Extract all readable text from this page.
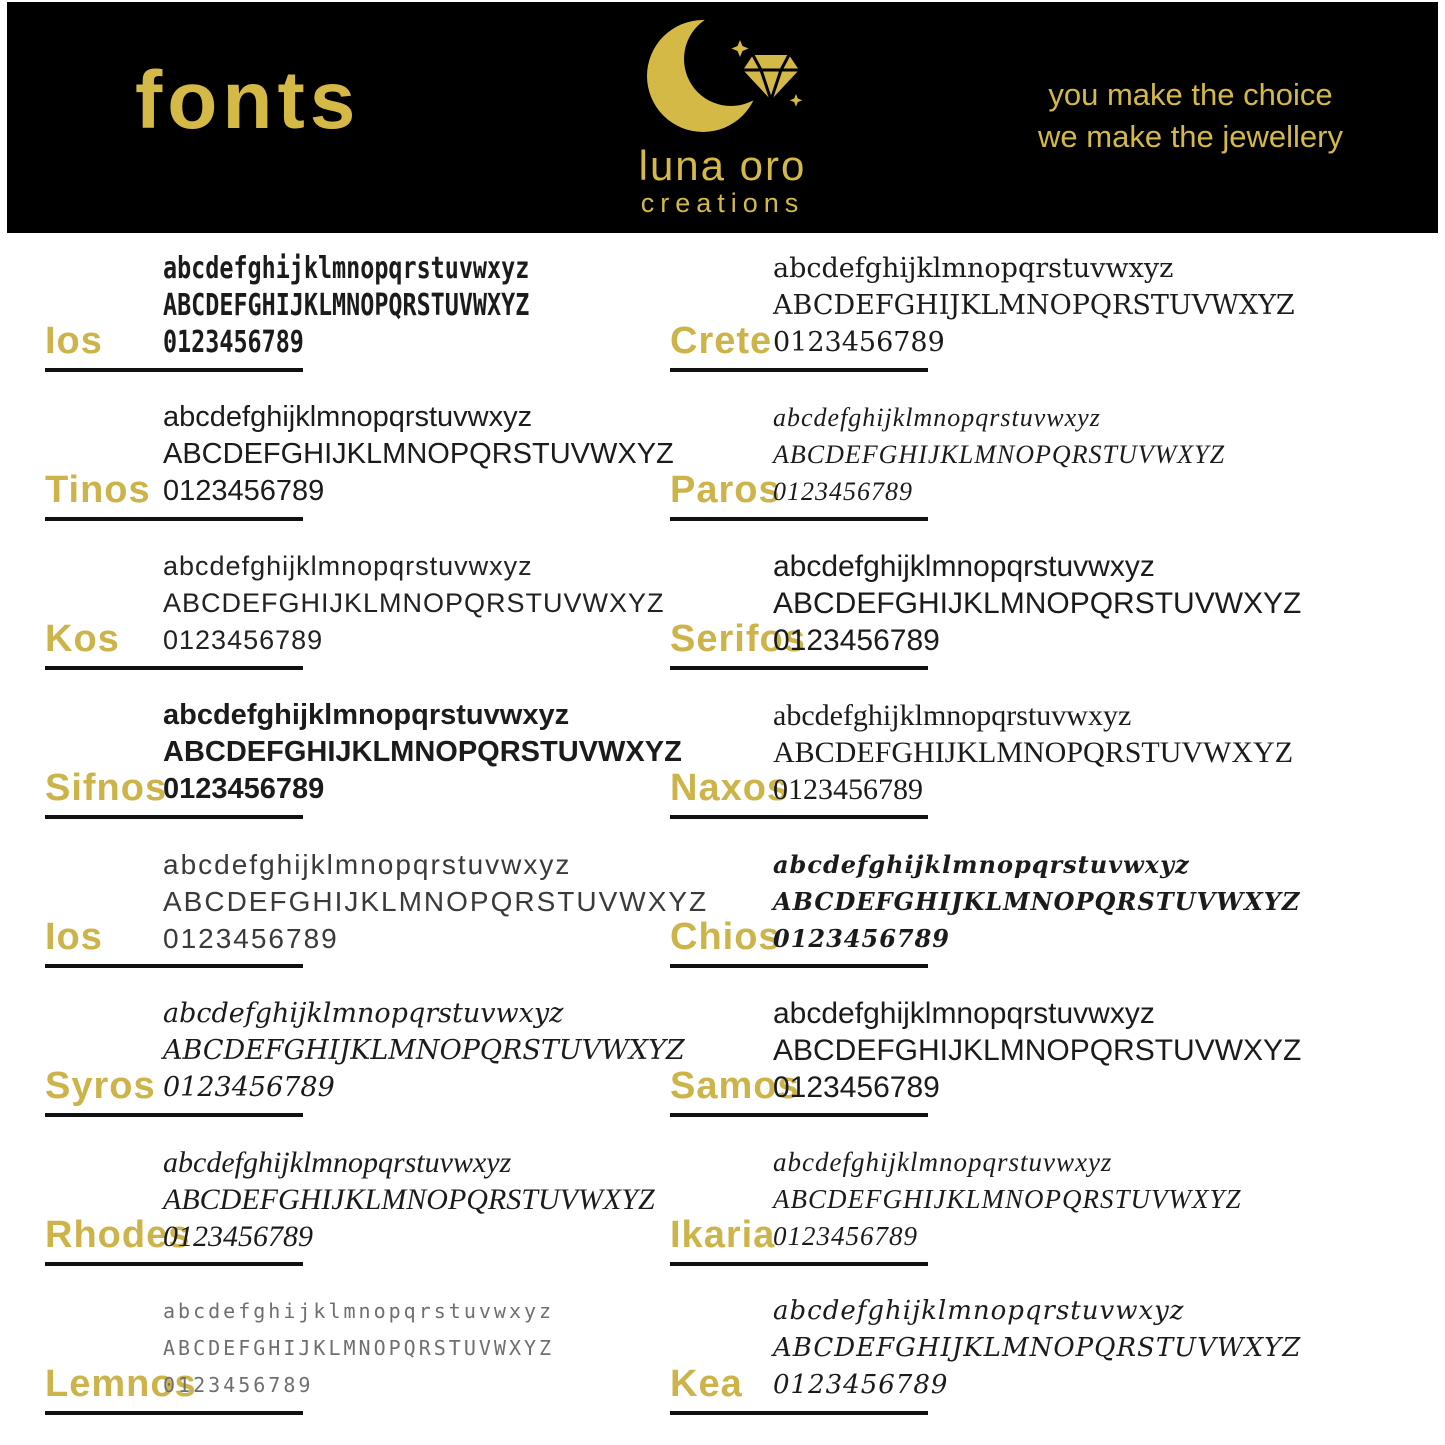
fonts
luna oro
creations
you make the choice
we make the jewellery
Ios
abcdefghijklmnopqrstuvwxyz
ABCDEFGHIJKLMNOPQRSTUVWXYZ
0123456789
Tinos
abcdefghijklmnopqrstuvwxyz
ABCDEFGHIJKLMNOPQRSTUVWXYZ
0123456789
Kos
abcdefghijklmnopqrstuvwxyz
ABCDEFGHIJKLMNOPQRSTUVWXYZ
0123456789
Sifnos
abcdefghijklmnopqrstuvwxyz
ABCDEFGHIJKLMNOPQRSTUVWXYZ
0123456789
Ios
abcdefghijklmnopqrstuvwxyz
ABCDEFGHIJKLMNOPQRSTUVWXYZ
0123456789
Syros
abcdefghijklmnopqrstuvwxyz
ABCDEFGHIJKLMNOPQRSTUVWXYZ
0123456789
Rhodes
abcdefghijklmnopqrstuvwxyz
ABCDEFGHIJKLMNOPQRSTUVWXYZ
0123456789
Lemnos
abcdefghijklmnopqrstuvwxyz
ABCDEFGHIJKLMNOPQRSTUVWXYZ
0123456789
Crete
abcdefghijklmnopqrstuvwxyz
ABCDEFGHIJKLMNOPQRSTUVWXYZ
0123456789
Paros
abcdefghijklmnopqrstuvwxyz
ABCDEFGHIJKLMNOPQRSTUVWXYZ
0123456789
Serifos
abcdefghijklmnopqrstuvwxyz
ABCDEFGHIJKLMNOPQRSTUVWXYZ
0123456789
Naxos
abcdefghijklmnopqrstuvwxyz
ABCDEFGHIJKLMNOPQRSTUVWXYZ
0123456789
Chios
abcdefghijklmnopqrstuvwxyz
ABCDEFGHIJKLMNOPQRSTUVWXYZ
0123456789
Samos
abcdefghijklmnopqrstuvwxyz
ABCDEFGHIJKLMNOPQRSTUVWXYZ
0123456789
Ikaria
abcdefghijklmnopqrstuvwxyz
ABCDEFGHIJKLMNOPQRSTUVWXYZ
0123456789
Kea
abcdefghijklmnopqrstuvwxyz
ABCDEFGHIJKLMNOPQRSTUVWXYZ
0123456789
